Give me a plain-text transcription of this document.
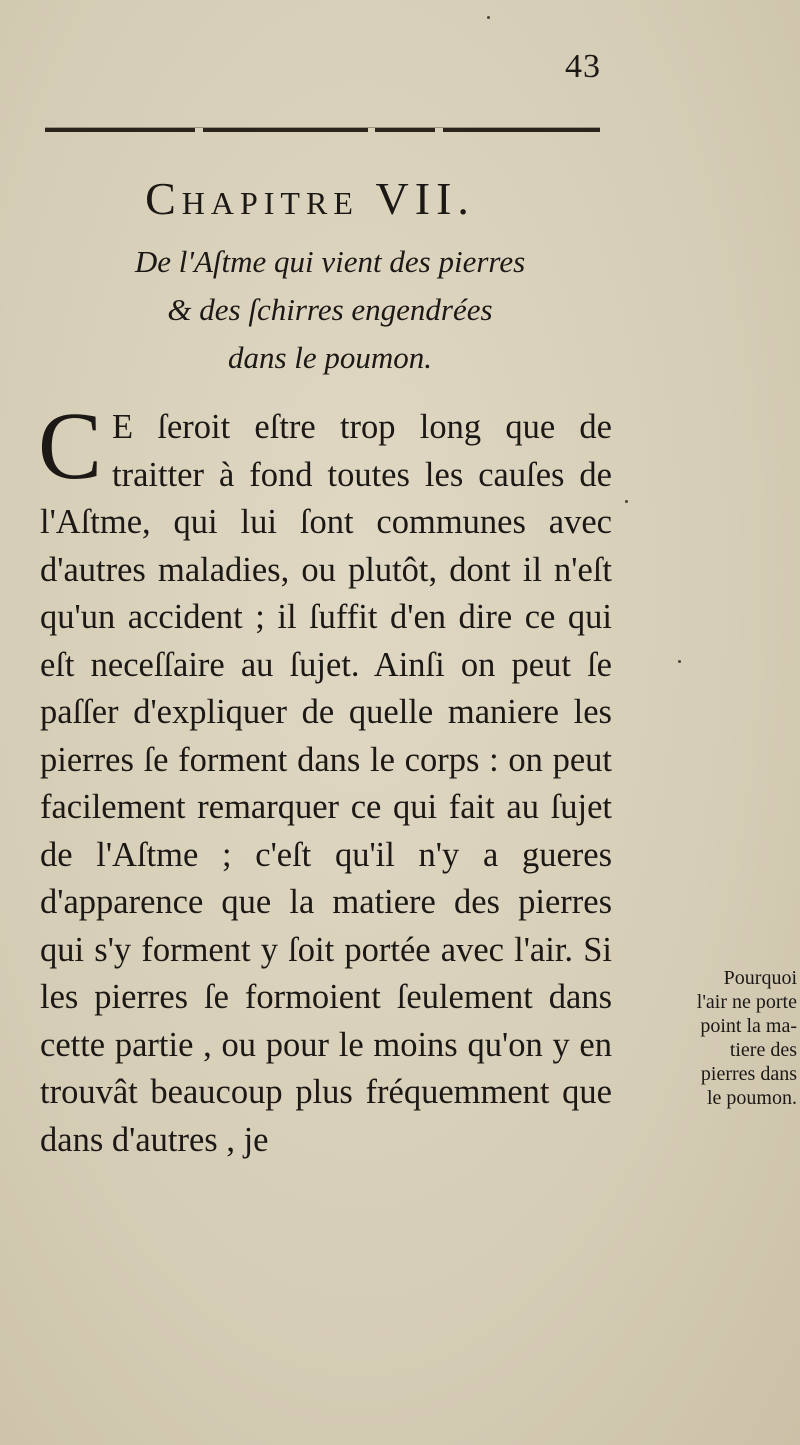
43
Chapitre VII.
De l'Aſtme qui vient des pierres
& des ſchirres engendrées
dans le poumon.

C E ſeroit eſtre trop long que de traitter à fond toutes les cauſes de l'Aſtme, qui lui ſont communes avec d'autres maladies, ou plutôt, dont il n'eſt qu'un accident ; il ſuffit d'en dire ce qui eſt neceſſaire au ſujet. Ainſi on peut ſe paſſer d'expliquer de quelle maniere les pierres ſe forment dans le corps : on peut facilement remarquer ce qui fait au ſujet de l'Aſtme ; c'eſt qu'il n'y a gueres d'apparence que la matiere des pierres qui s'y forment y ſoit portée avec l'air. Si les pierres ſe formoient ſeulement dans cette partie , ou pour le moins qu'on y en trouvât beaucoup plus fréquemment que dans d'autres , je

Pourquoi
l'air ne porte
point la ma-
tiere des
pierres dans
le poumon.
